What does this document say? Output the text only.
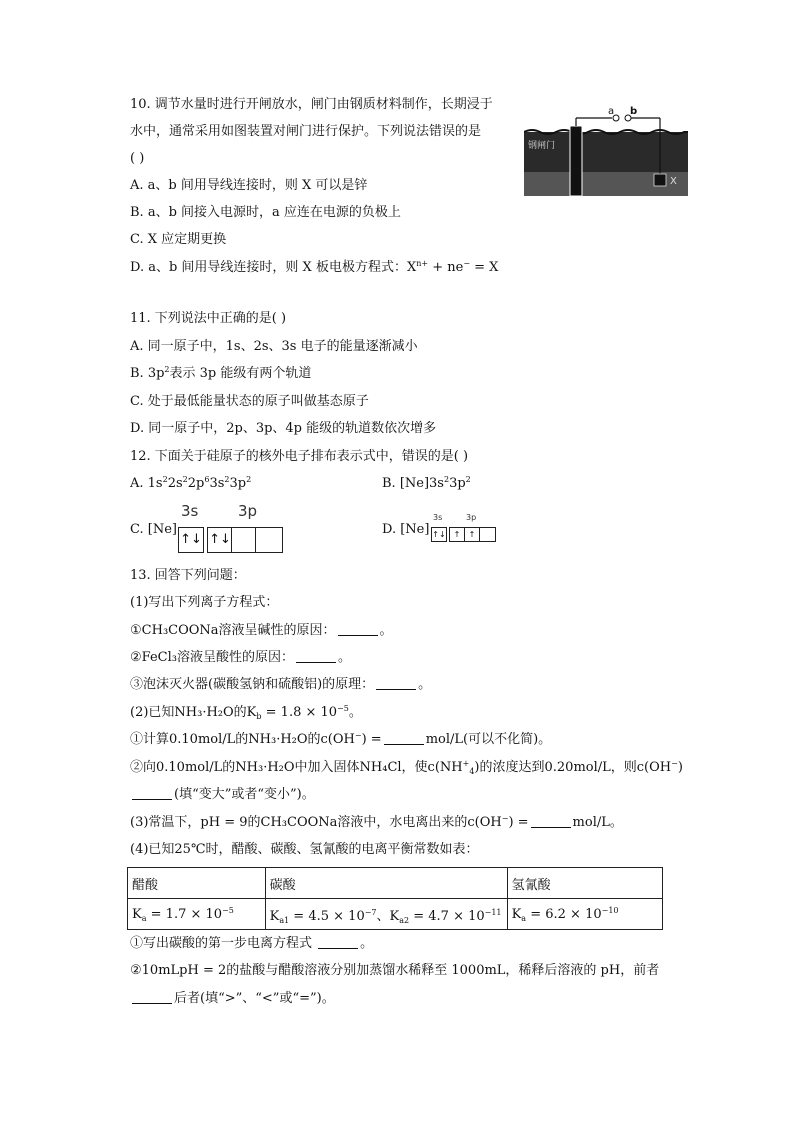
10. 调节水量时进行开闸放水，闸门由钢质材料制作，长期浸于
水中，通常采用如图装置对闸门进行保护。下列说法错误的是
( )
A. a、b 间用导线连接时，则 X 可以是锌
B. a、b 间接入电源时，a 应连在电源的负极上
C. X 应定期更换
D. a、b 间用导线连接时，则 X 板电极方程式：$X^{n+} + ne^- = X$
a b
钢闸门
X
11. 下列说法中正确的是( )
A. 同一原子中，1s、2s、3s 电子的能量逐渐减小
B. $3p^2$表示 3p 能级有两个轨道
C. 处于最低能量状态的原子叫做基态原子
D. 同一原子中，2p、3p、4p 能级的轨道数依次增多
12. 下面关于硅原子的核外电子排布表示式中，错误的是( )
A. $1s^22s^22p^63s^23p^2$	B. $[Ne]3s^23p^2$
C. [Ne]
3s	3p
↑↓ ↑↓
D. [Ne]
3s	3p
↑↓ ↑	↑
13. 回答下列问题：
(1)写出下列离子方程式：
①CH₃COONa溶液呈碱性的原因：	。
②FeCl₃溶液呈酸性的原因：	。
③泡沫灭火器(碳酸氢钠和硫酸铝)的原理：	。
(2)已知NH₃·H₂O的$K_b = 1.8 \times 10^{-5}$。
①计算0.10mol/L的NH₃·H₂O的c(OH−) =	mol/L(可以不化简)。
②向0.10mol/L的NH₃·H₂O中加入固体NH₄Cl，使$c(NH^+_4)$的浓度达到0.20mol/L，则c(OH−)
(填“变大”或者“变小”)。
(3)常温下，pH = 9的CH₃COONa溶液中，水电离出来的c(OH−) =	mol/L。
(4)已知25℃时，醋酸、碳酸、氢氰酸的电离平衡常数如表：
醋酸	碳酸	氢氰酸
$K_a = 1.7 \times 10^{-5}$	$K_{a1} = 4.5 \times 10^{-7}$、$K_{a2} = 4.7 \times 10^{-11}$	$K_a = 6.2 \times 10^{-10}$
①写出碳酸的第一步电离方程式	。
②10mLpH = 2的盐酸与醋酸溶液分别加蒸馏水稀释至 1000mL，稀释后溶液的 pH，前者
后者(填“>”、“<”或“=”)。
